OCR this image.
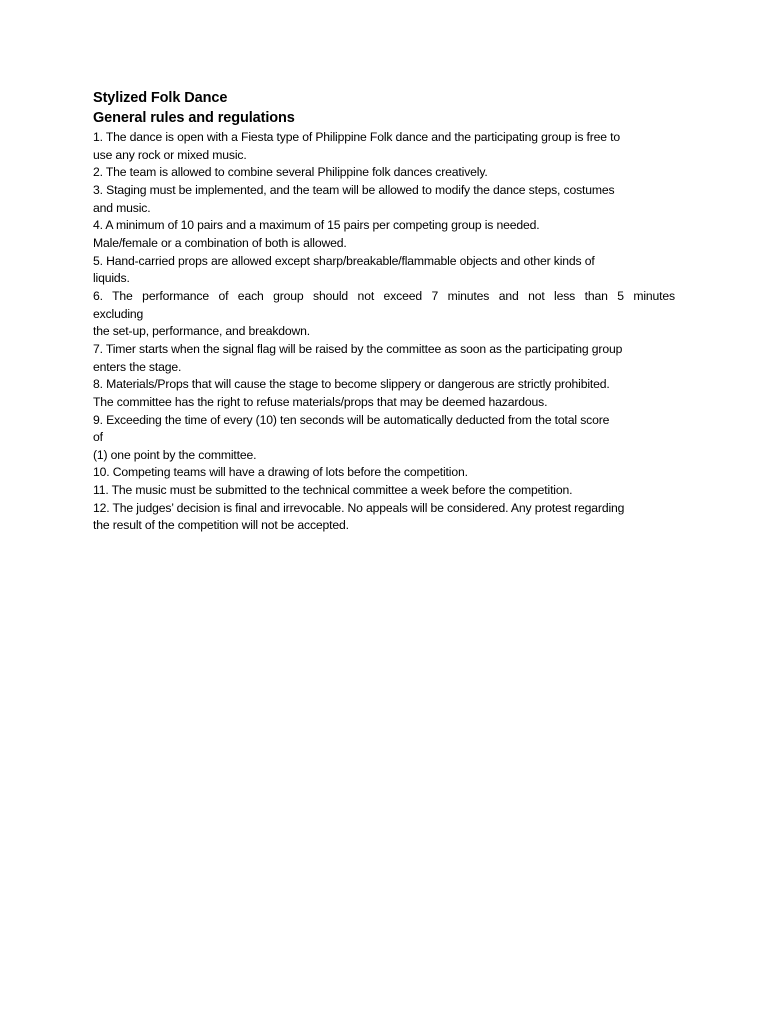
Stylized Folk Dance
General rules and regulations

1. The dance is open with a Fiesta type of Philippine Folk dance and the participating group is free to

use any rock or mixed music.

2. The team is allowed to combine several Philippine folk dances creatively.

3. Staging must be implemented, and the team will be allowed to modify the dance steps, costumes

and music.

4. A minimum of 10 pairs and a maximum of 15 pairs per competing group is needed.

Male/female or a combination of both is allowed.

5. Hand-carried props are allowed except sharp/breakable/flammable objects and other kinds of

liquids.

6. The performance of each group should not exceed 7 minutes and not less than 5 minutes

excluding

the set-up, performance, and breakdown.

7. Timer starts when the signal flag will be raised by the committee as soon as the participating group

enters the stage.

8. Materials/Props that will cause the stage to become slippery or dangerous are strictly prohibited.

The committee has the right to refuse materials/props that may be deemed hazardous.

9. Exceeding the time of every (10) ten seconds will be automatically deducted from the total score

of

(1) one point by the committee.

10. Competing teams will have a drawing of lots before the competition.

11. The music must be submitted to the technical committee a week before the competition.

12. The judges’ decision is final and irrevocable. No appeals will be considered. Any protest regarding

the result of the competition will not be accepted.
